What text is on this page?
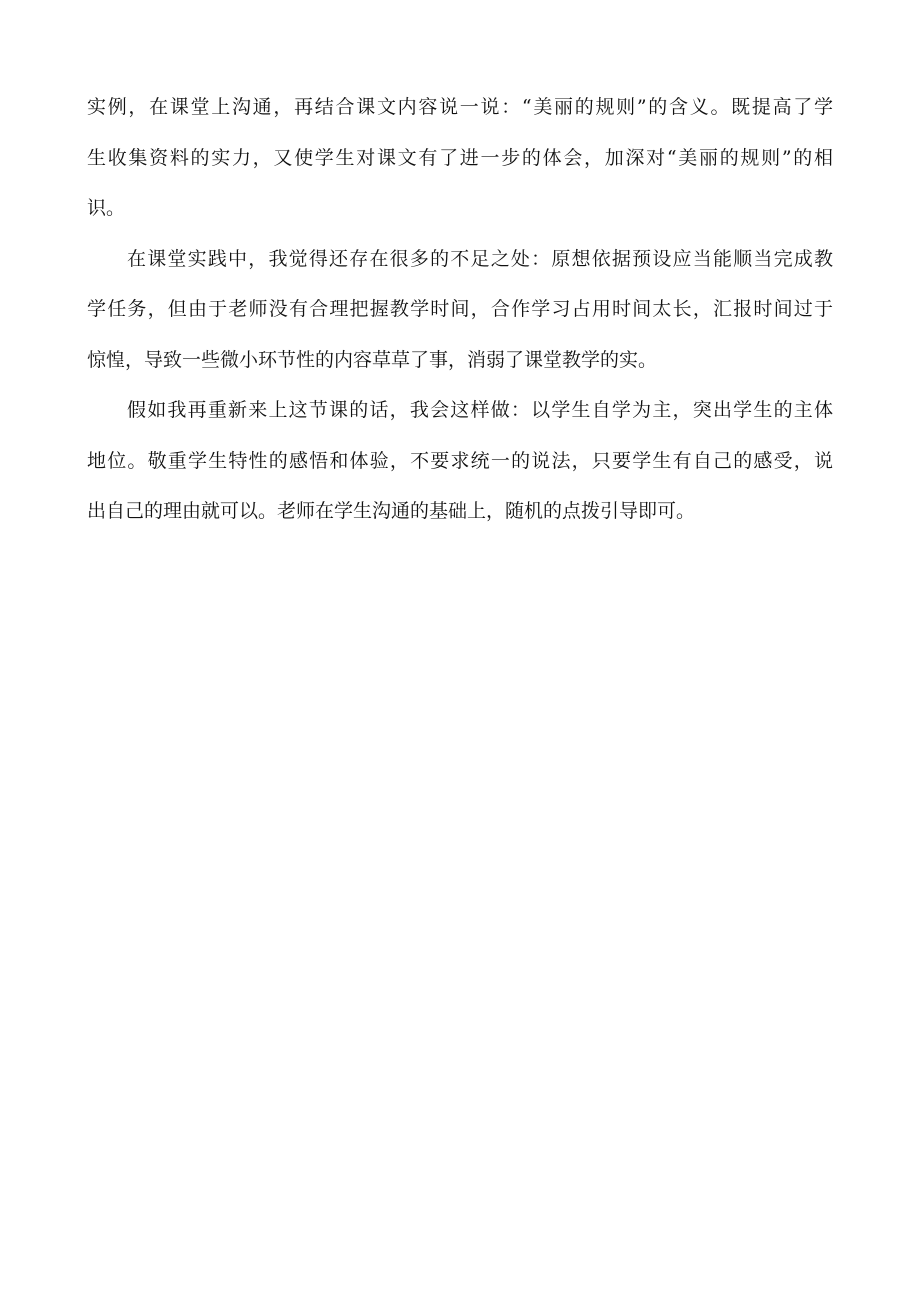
实例，在课堂上沟通，再结合课文内容说一说：“美丽的规则”的含义。既提高了学
生收集资料的实力，又使学生对课文有了进一步的体会，加深对“美丽的规则”的相
识。
在课堂实践中，我觉得还存在很多的不足之处：原想依据预设应当能顺当完成教
学任务，但由于老师没有合理把握教学时间，合作学习占用时间太长，汇报时间过于
惊惶，导致一些微小环节性的内容草草了事，消弱了课堂教学的实。
假如我再重新来上这节课的话，我会这样做：以学生自学为主，突出学生的主体
地位。敬重学生特性的感悟和体验，不要求统一的说法，只要学生有自己的感受，说
出自己的理由就可以。老师在学生沟通的基础上，随机的点拨引导即可。
